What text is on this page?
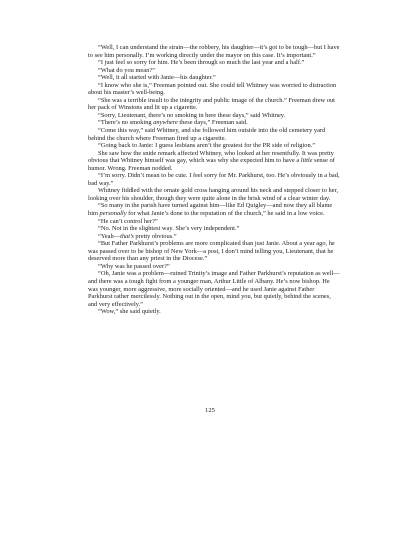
“Well, I can understand the strain—the robbery, his daughter—it’s got to be tough—but I have to see him personally. I’m working directly under the mayor on this case. It’s important.”

“I just feel so sorry for him. He’s been through so much the last year and a half.”

“What do you mean?”

“Well, it all started with Janie—his daughter.”

“I know who she is,” Freeman pointed out. She could tell Whitney was worried to distraction about his master’s well-being.

“She was a terrible insult to the integrity and public image of the church.” Freeman drew out her pack of Winstons and lit up a cigarette.

“Sorry, Lieutenant, there’s no smoking in here these days,” said Whitney.

“There’s no smoking anywhere these days,” Freeman said.

“Come this way,” said Whitney, and she followed him outside into the old cemetery yard behind the church where Freeman fired up a cigarette.

“Going back to Janie: I guess lesbians aren’t the greatest for the PR side of religion.”

She saw how the snide remark affected Whitney, who looked at her resentfully. It was pretty obvious that Whitney himself was gay, which was why she expected him to have a little sense of humor. Wrong. Freeman nodded.

“I’m sorry. Didn’t mean to be cute. I feel sorry for Mr. Parkhurst, too. He’s obviously in a bad, bad way.”

Whitney fiddled with the ornate gold cross hanging around his neck and stepped closer to her, looking over his shoulder, though they were quite alone in the brisk wind of a clear winter day.

“So many in the parish have turned against him—like Ed Quigley—and now they all blame him personally for what Janie’s done to the reputation of the church,” he said in a low voice.

“He can’t control her?”

“No. Not in the slightest way. She’s very independent.”

“Yeah—that’s pretty obvious.”

“But Father Parkhurst’s problems are more complicated than just Janie. About a year ago, he was passed over to be bishop of New York—a post, I don’t mind telling you, Lieutenant, that he deserved more than any priest in the Diocese.”

“Why was he passed over?”

“Oh, Janie was a problem—ruined Trinity’s image and Father Parkhurst’s reputation as well—and there was a tough fight from a younger man, Arthur Little of Albany. He’s now bishop. He was younger, more aggressive, more socially oriented—and he used Janie against Father Parkhurst rather mercilessly. Nothing out in the open, mind you, but quietly, behind the scenes, and very effectively.”

“Wow,” she said quietly.

125
